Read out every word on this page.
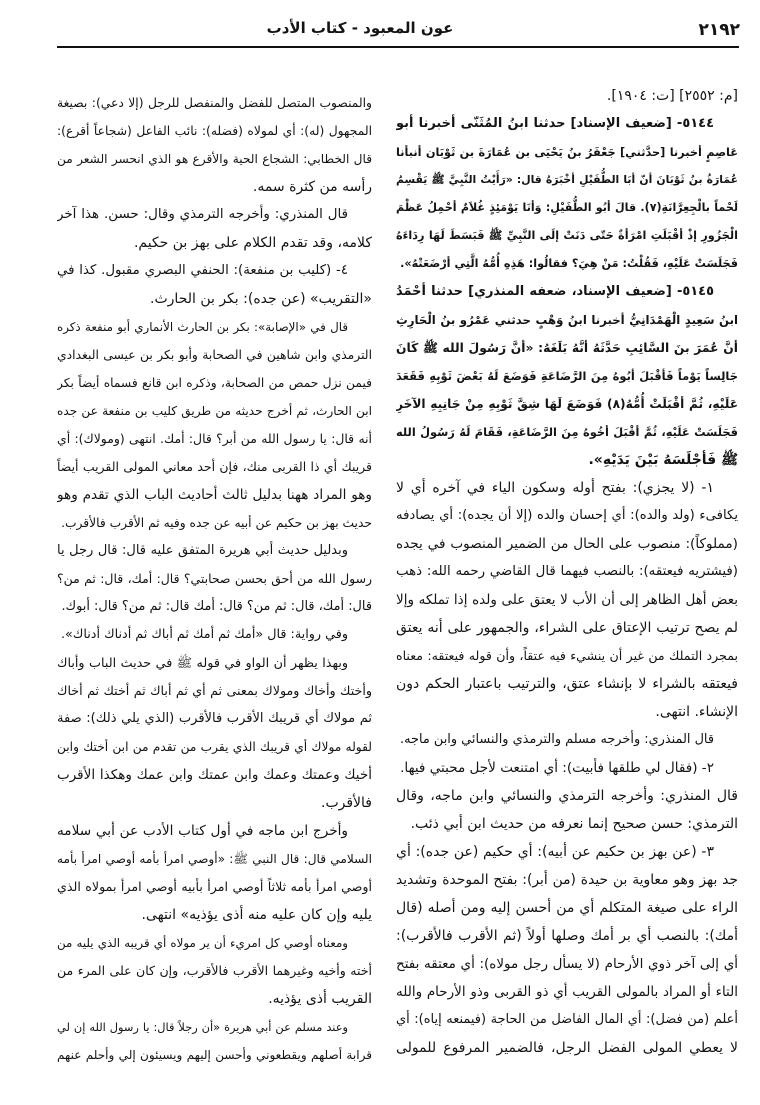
٢١٩٢
عون المعبود - كتاب الأدب
[م: ٢٥٥٢] [ت: ١٩٠٤].
٥١٤٤- [ضعيف الإسناد] حدثنا ابنُ المُثَنّى أخبرنا أبو
عَاصِمٍ أخبرنا [حدَّثني] جَعْفَرُ بنُ يَحْيَى بن عُمَارَةَ بن ثَوْبَان أنبأنا
عُمَارَةُ بنُ ثَوْبَانَ أنّ أبَا الطُّفَيْلِ أخْبَرَهُ قال: «رَأَيْتُ النَّبِيَّ ﷺ يَقْسِمُ
لَحْماً بالْجِعِرَّانَةِ(٧). قالَ أبُو الطُّفَيْلِ: وَأنَا يَوْمَئِذٍ غُلاَمٌ أحْمِلُ عَظْمَ
الْجَزُورِ إذْ أقْبَلَتِ امْرَأةٌ حَتّى دَنَتْ إلَى النَّبِيِّ ﷺ فَبَسَطَ لَهَا رِدَاءَهُ
فَجَلَسَتْ عَلَيْهِ، فَقُلْتُ: مَنْ هِيَ؟ فقالُوا: هَذِهِ أُمُّهُ الَّتِي أرْضَعَتْهُ».
٥١٤٥- [ضعيف الإسناد، ضعفه المنذري] حدثنا أحْمَدُ
ابنُ سَعِيدٍ الْهَمْدَانِيُّ أخبرنا ابنُ وَهْبٍ حدثني عَمْرُو بنُ الْحَارِثِ
أنَّ عُمَرَ بنَ السَّائِبِ حَدَّثَهُ أنَّهُ بَلَغَهُ: «أنَّ رَسُولَ الله ﷺ كَانَ
جَالِساً يَوْماً فَأقْبَلَ أبُوهُ مِنَ الرَّضَاعَةِ فَوَضَعَ لَهُ بَعْضَ ثَوْبِهِ فَقَعَدَ
عَلَيْهِ، ثُمَّ أقْبَلَتْ أُمُّهُ(٨) فَوَضَعَ لَهَا شِقَّ ثَوْبِهِ مِنْ جَانِبِهِ الآخَرِ
فَجَلَسَتْ عَلَيْهِ، ثُمَّ أقْبَلَ أخُوهُ مِنَ الرَّضَاعَةِ، فَقَامَ لَهُ رَسُولُ الله
ﷺ فَأجْلَسَهُ بَيْنَ يَدَيْهِ».
١- (لا يجزي): بفتح أوله وسكون الياء في آخره أي لا
يكافىء (ولد والده): أي إحسان والده (إلا أن يجده): أي يصادفه
(مملوكاً): منصوب على الحال من الضمير المنصوب في يجده
(فيشتريه فيعتقه): بالنصب فيهما قال القاضي رحمه الله: ذهب
بعض أهل الظاهر إلى أن الأب لا يعتق على ولده إذا تملكه وإلا
لم يصح ترتيب الإعتاق على الشراء، والجمهور على أنه يعتق
بمجرد التملك من غير أن ينشيء فيه عتقاً، وأن قوله فيعتقه: معناه
فيعتقه بالشراء لا بإنشاء عتق، والترتيب باعتبار الحكم دون
الإنشاء. انتهى.
قال المنذري: وأخرجه مسلم والترمذي والنسائي وابن ماجه.
٢- (فقال لي طلقها فأبيت): أي امتنعت لأجل محبتي فيها.
قال المنذري: وأخرجه الترمذي والنسائي وابن ماجه، وقال
الترمذي: حسن صحيح إنما نعرفه من حديث ابن أبي ذئب.
٣- (عن بهز بن حكيم عن أبيه): أي حكيم (عن جده): أي
جد بهز وهو معاوية بن حيدة (من أبر): بفتح الموحدة وتشديد
الراء على صيغة المتكلم أي من أحسن إليه ومن أصله (قال
أمك): بالنصب أي بر أمك وصلها أولاً (ثم الأقرب فالأقرب):
أي إلى آخر ذوي الأرحام (لا يسأل رجل مولاه): أي معتقه بفتح
التاء أو المراد بالمولى القريب أي ذو القربى وذو الأرحام والله
أعلم (من فضل): أي المال الفاضل من الحاجة (فيمنعه إياه): أي
لا يعطي المولى الفضل الرجل، فالضمير المرفوع للمولى
والمنصوب المتصل للفضل والمنفصل للرجل (إلا دعي): بصيغة
المجهول (له): أي لمولاه (فضله): نائب الفاعل (شجاعاً أقرع):
قال الخطابي: الشجاع الحية والأقرع هو الذي انحسر الشعر من
رأسه من كثرة سمه.
قال المنذري: وأخرجه الترمذي وقال: حسن. هذا آخر
كلامه، وقد تقدم الكلام على بهز بن حكيم.
٤- (كليب بن منفعة): الحنفي البصري مقبول. كذا في
«التقريب» (عن جده): بكر بن الحارث.
قال في «الإصابة»: بكر بن الحارث الأنماري أبو منفعة ذكره
الترمذي وابن شاهين في الصحابة وأبو بكر بن عيسى البغدادي
فيمن نزل حمص من الصحابة، وذكره ابن قانع فسماه أيضاً بكر
ابن الحارث، ثم أخرج حديثه من طريق كليب بن منفعة عن جده
أنه قال: يا رسول الله من أبر؟ قال: أمك. انتهى (ومولاك): أي
قريبك أي ذا القربى منك، فإن أحد معاني المولى القريب أيضاً
وهو المراد ههنا بدليل ثالث أحاديث الباب الذي تقدم وهو
حديث بهز بن حكيم عن أبيه عن جده وفيه ثم الأقرب فالأقرب.
وبدليل حديث أبي هريرة المتفق عليه قال: قال رجل يا
رسول الله من أحق بحسن صحابتي؟ قال: أمك، قال: ثم من؟
قال: أمك، قال: ثم من؟ قال: أمك قال: ثم من؟ قال: أبوك.
وفي رواية: قال «أمك ثم أمك ثم أباك ثم أدناك أدناك».
وبهذا يظهر أن الواو في قوله ﷺ في حديث الباب وأباك
وأختك وأخاك ومولاك بمعنى ثم أي ثم أباك ثم أختك ثم أخاك
ثم مولاك أي قريبك الأقرب فالأقرب (الذي يلي ذلك): صفة
لقوله مولاك أي قريبك الذي يقرب من تقدم من ابن أختك وابن
أخيك وعمتك وعمك وابن عمتك وابن عمك وهكذا الأقرب
فالأقرب.
وأخرج ابن ماجه في أول كتاب الأدب عن أبي سلامه
السلامي قال: قال النبي ﷺ: «أوصي امرأ بأمه أوصي امرأ بأمه
أوصي امرأ بأمه ثلاثاً أوصي امرأ بأبيه أوصي امرأ بمولاه الذي
يليه وإن كان عليه منه أذى يؤذيه» انتهى.
ومعناه أوصي كل امريء أن ير مولاه أي قريبه الذي يليه من
أخته وأخيه وغيرهما الأقرب فالأقرب، وإن كان على المرء من
القريب أذى يؤذيه.
وعند مسلم عن أبي هريرة «أن رجلاً قال: يا رسول الله إن لي
قرابة أصلهم ويقطعوني وأحسن إليهم ويسيئون إلي وأحلم عنهم
